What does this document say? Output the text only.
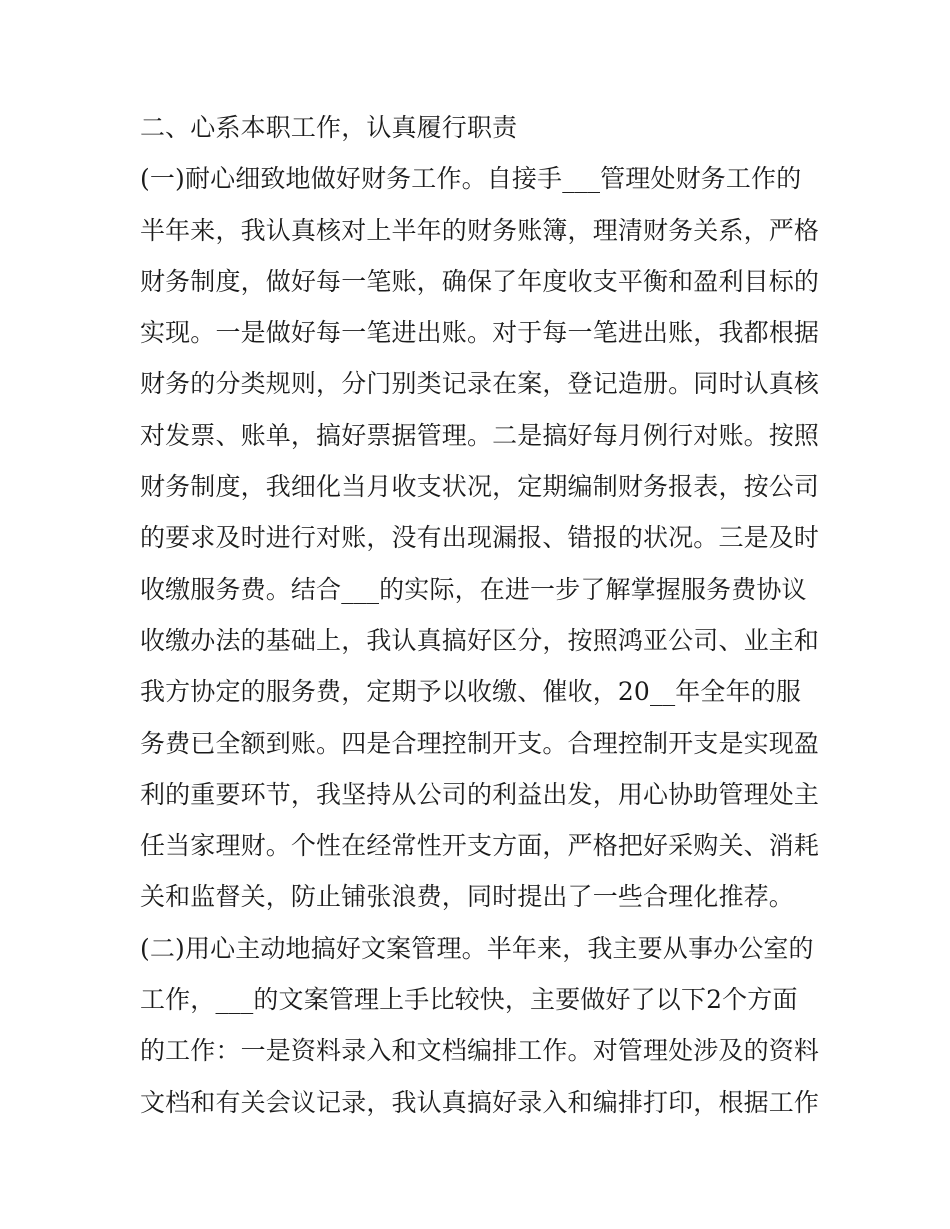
二、心系本职工作，认真履行职责
(一)耐心细致地做好财务工作。自接手___管理处财务工作的
半年来，我认真核对上半年的财务账簿，理清财务关系，严格
财务制度，做好每一笔账，确保了年度收支平衡和盈利目标的
实现。一是做好每一笔进出账。对于每一笔进出账，我都根据
财务的分类规则，分门别类记录在案，登记造册。同时认真核
对发票、账单，搞好票据管理。二是搞好每月例行对账。按照
财务制度，我细化当月收支状况，定期编制财务报表，按公司
的要求及时进行对账，没有出现漏报、错报的状况。三是及时
收缴服务费。结合___的实际，在进一步了解掌握服务费协议
收缴办法的基础上，我认真搞好区分，按照鸿亚公司、业主和
我方协定的服务费，定期予以收缴、催收，20__年全年的服
务费已全额到账。四是合理控制开支。合理控制开支是实现盈
利的重要环节，我坚持从公司的利益出发，用心协助管理处主
任当家理财。个性在经常性开支方面，严格把好采购关、消耗
关和监督关，防止铺张浪费，同时提出了一些合理化推荐。
(二)用心主动地搞好文案管理。半年来，我主要从事办公室的
工作，___的文案管理上手比较快，主要做好了以下2个方面
的工作：一是资料录入和文档编排工作。对管理处涉及的资料
文档和有关会议记录，我认真搞好录入和编排打印，根据工作
